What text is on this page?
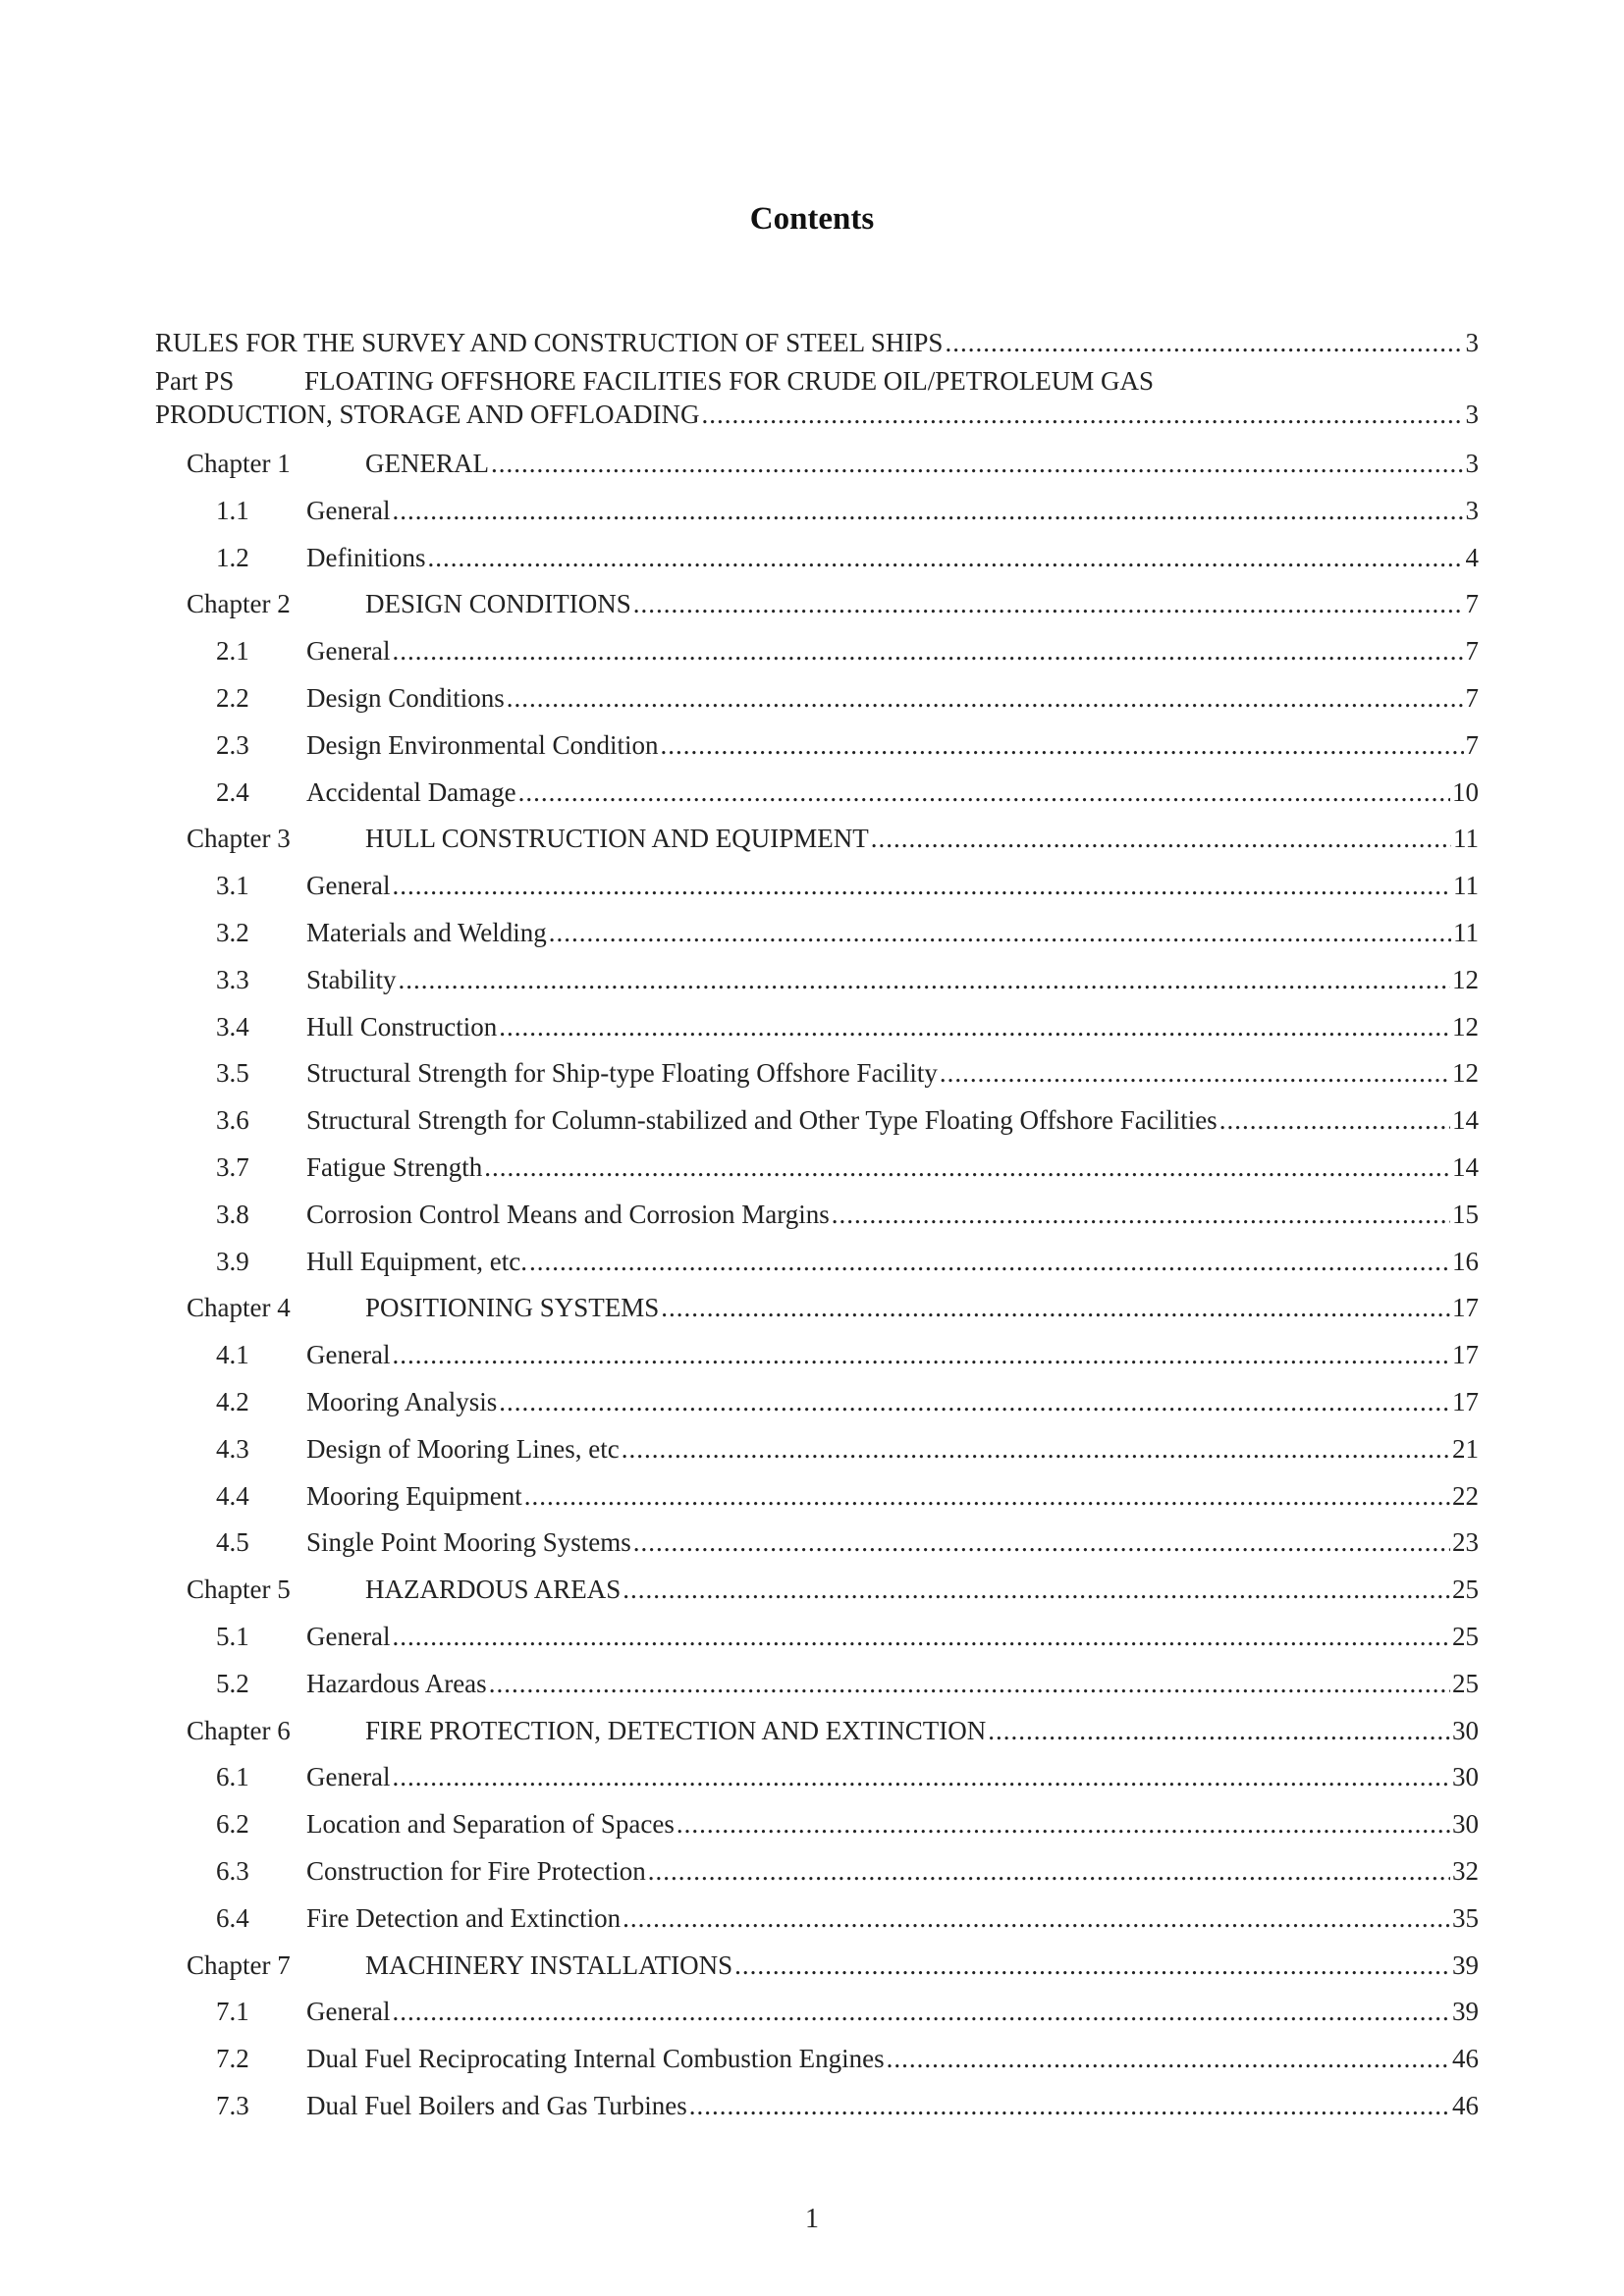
Contents
RULES FOR THE SURVEY AND CONSTRUCTION OF STEEL SHIPS .....	3
Part PS	FLOATING OFFSHORE FACILITIES FOR CRUDE OIL/PETROLEUM GAS
PRODUCTION, STORAGE AND OFFLOADING .....	3
Chapter 1	GENERAL .....	3
1.1	General .....	3
1.2	Definitions .....	4
Chapter 2	DESIGN CONDITIONS .....	7
2.1	General .....	7
2.2	Design Conditions .....	7
2.3	Design Environmental Condition .....	7
2.4	Accidental Damage .....	10
Chapter 3	HULL CONSTRUCTION AND EQUIPMENT .....	11
3.1	General .....	11
3.2	Materials and Welding .....	11
3.3	Stability .....	12
3.4	Hull Construction .....	12
3.5	Structural Strength for Ship-type Floating Offshore Facility .....	12
3.6	Structural Strength for Column-stabilized and Other Type Floating Offshore Facilities .....	14
3.7	Fatigue Strength .....	14
3.8	Corrosion Control Means and Corrosion Margins .....	15
3.9	Hull Equipment, etc. .....	16
Chapter 4	POSITIONING SYSTEMS .....	17
4.1	General .....	17
4.2	Mooring Analysis .....	17
4.3	Design of Mooring Lines, etc .....	21
4.4	Mooring Equipment .....	22
4.5	Single Point Mooring Systems .....	23
Chapter 5	HAZARDOUS AREAS .....	25
5.1	General .....	25
5.2	Hazardous Areas .....	25
Chapter 6	FIRE PROTECTION, DETECTION AND EXTINCTION .....	30
6.1	General .....	30
6.2	Location and Separation of Spaces .....	30
6.3	Construction for Fire Protection .....	32
6.4	Fire Detection and Extinction .....	35
Chapter 7	MACHINERY INSTALLATIONS .....	39
7.1	General .....	39
7.2	Dual Fuel Reciprocating Internal Combustion Engines .....	46
7.3	Dual Fuel Boilers and Gas Turbines .....	46
1
